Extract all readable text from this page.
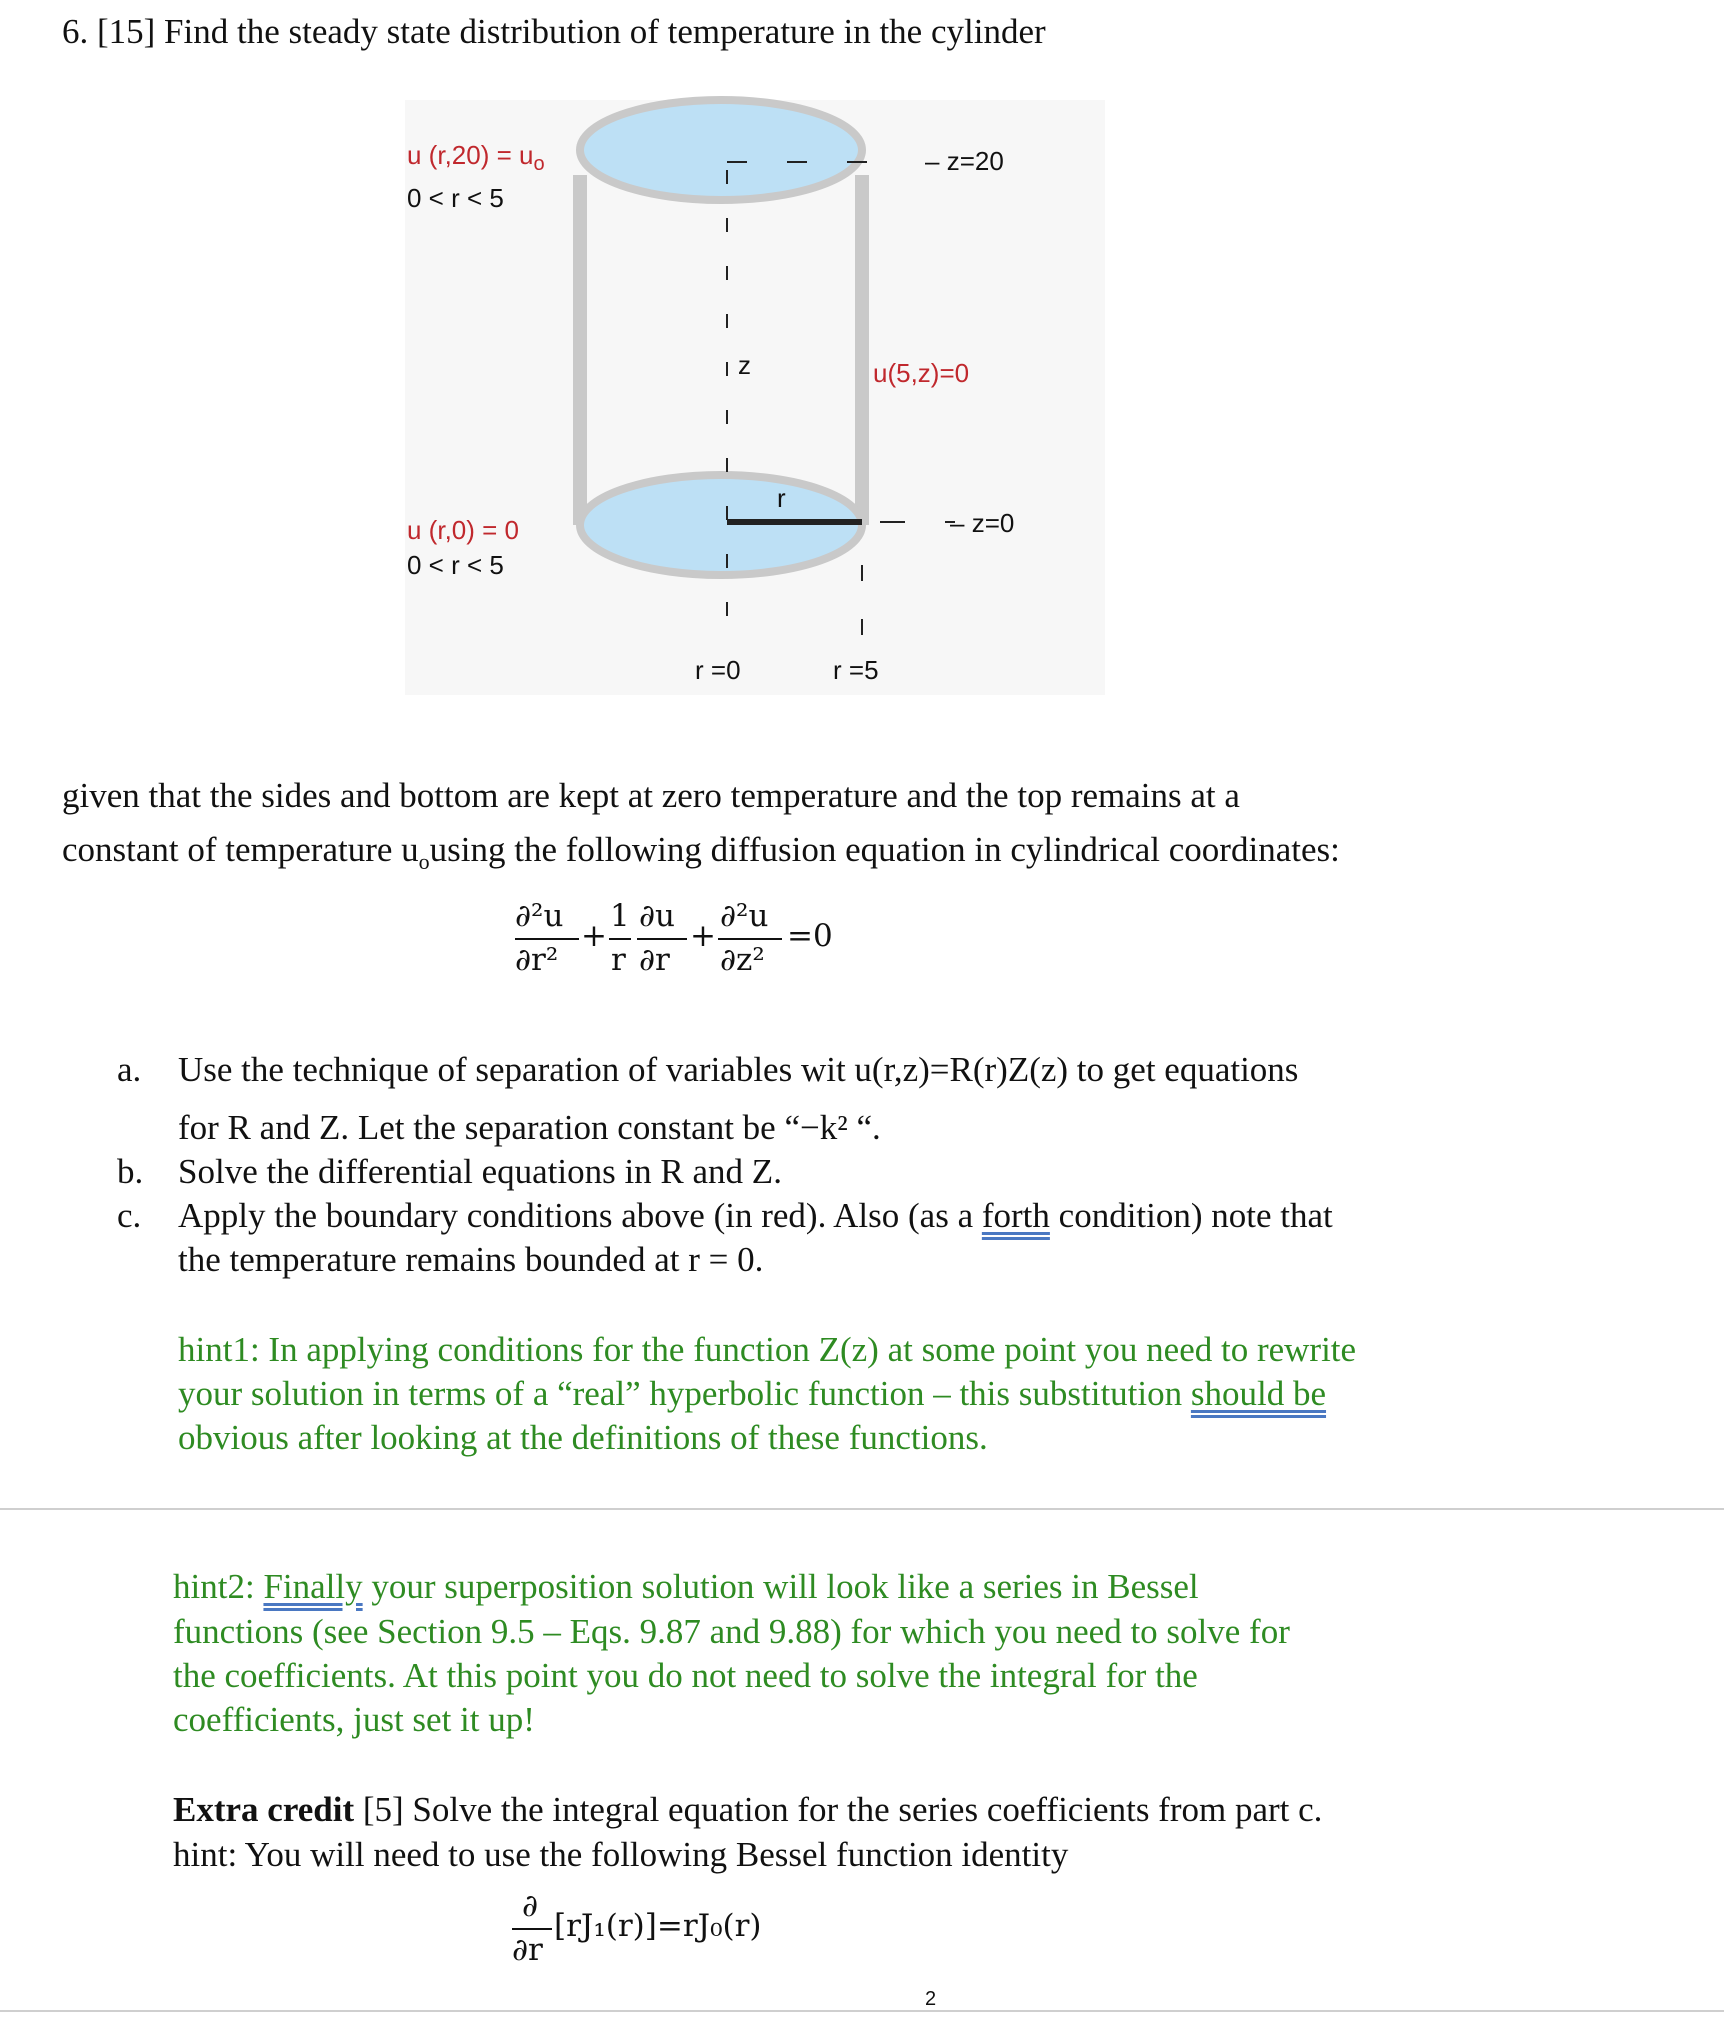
6. [15] Find the steady state distribution of temperature in the cylinder
u $(r,20) = u_o$
0 < r < 5
u (r,0) = 0
0 < r < 5
u(5,z)=0
– z=20
– z=0
z
r
r =0	r =5
given that the sides and bottom are kept at zero temperature and the top remains at a
constant of temperature $u_ousing$ the following diffusion equation in cylindrical coordinates:
∂²u
∂r²
+
1
r
∂u
∂r
+
∂²u
∂z²
=0
a. Use the technique of separation of variables wit u(r,z)=R(r)Z(z) to get equations
for R and Z. Let the separation constant be “−k² “.
b. Solve the differential equations in R and Z.
c. Apply the boundary conditions above (in red). Also (as a forth condition) note that
the temperature remains bounded at r = 0.
hint1: In applying conditions for the function Z(z) at some point you need to rewrite
your solution in terms of a “real” hyperbolic function – this substitution should be
obvious after looking at the definitions of these functions.
hint2: Finally your superposition solution will look like a series in Bessel
functions (see Section 9.5 – Eqs. 9.87 and 9.88) for which you need to solve for
the coefficients. At this point you do not need to solve the integral for the
coefficients, just set it up!
Extra credit [5] Solve the integral equation for the series coefficients from part c.
hint: You will need to use the following Bessel function identity
∂
∂r
[rJ₁(r)]=rJ₀(r)
2
